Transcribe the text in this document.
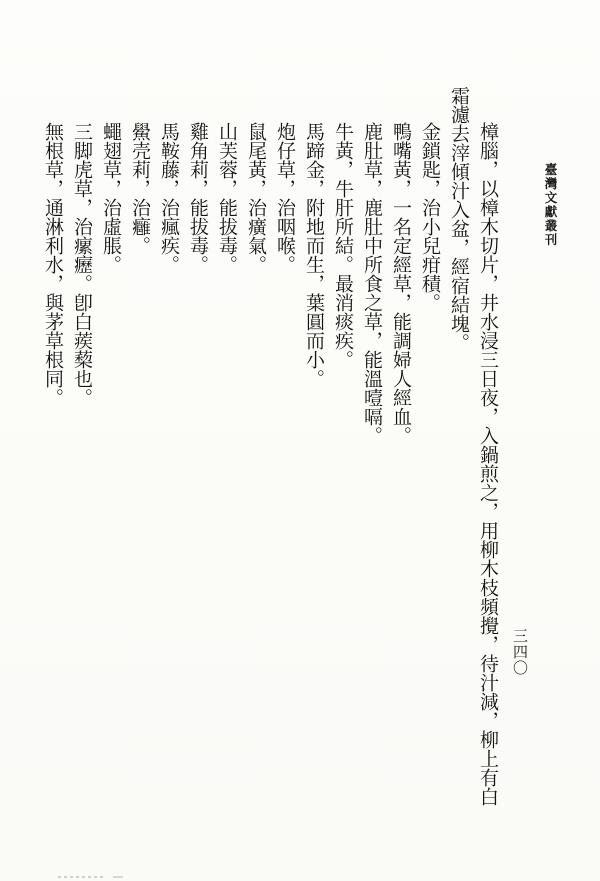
臺灣文獻叢刊
三四〇
樟腦，以樟木切片，井水浸三日夜，入鍋煎之，用柳木枝頻攪，待汁減，柳上有白
霜濾去滓傾汁入盆，經宿結塊。
金鎖匙，治小兒疳積。
鴨嘴黃，一名定經草，能調婦人經血。
鹿肚草，鹿肚中所食之草，能溫噎嗝。
牛黃，牛肝所結。最消痰疾。
馬蹄金，附地而生，葉圓而小。
炮仔草，治咽喉。
鼠尾黃，治癀氣。
山芙蓉，能拔毒。
雞角莉，能拔毒。
馬鞍藤，治瘋疾。
鱟壳莉，治癰。
蠅翅草，治虛脹。
三脚虎草，治瘰癧。卽白蒺蔾也。
無根草，通淋利水，與茅草根同。
